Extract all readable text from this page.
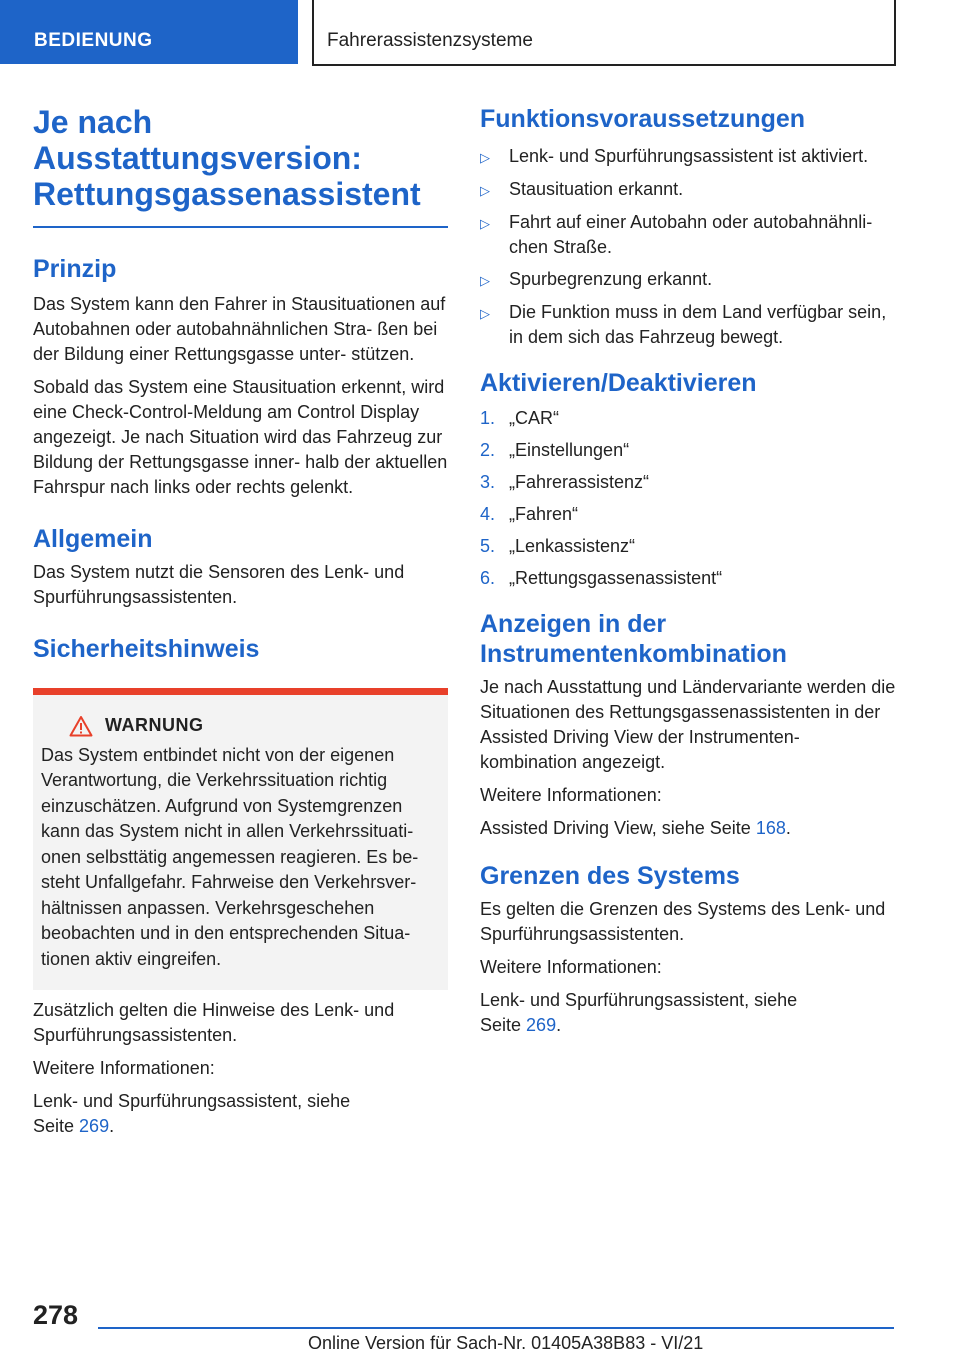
BEDIENUNG	Fahrerassistenzsysteme
Je nach
Ausstattungsversion:
Rettungsgassenassistent
Prinzip

Das System kann den Fahrer in Stausituationen auf Autobahnen oder autobahnähnlichen Stra‐ ßen bei der Bildung einer Rettungsgasse unter‐ stützen.

Sobald das System eine Stausituation erkennt, wird eine Check-Control-Meldung am Control Display angezeigt. Je nach Situation wird das Fahrzeug zur Bildung der Rettungsgasse inner‐ halb der aktuellen Fahrspur nach links oder rechts gelenkt.

Allgemein

Das System nutzt die Sensoren des Lenk- und Spurführungsassistenten.

Sicherheitshinweis
WARNUNG

Das System entbindet nicht von der eigenen Verantwortung, die Verkehrssituation richtig einzuschätzen. Aufgrund von Systemgrenzen kann das System nicht in allen Verkehrssituati‐ onen selbsttätig angemessen reagieren. Es be‐ steht Unfallgefahr. Fahrweise den Verkehrsver‐ hältnissen anpassen. Verkehrsgeschehen beobachten und in den entsprechenden Situa‐ tionen aktiv eingreifen.

Zusätzlich gelten die Hinweise des Lenk- und Spurführungsassistenten.

Weitere Informationen:

Lenk- und Spurführungsassistent, siehe
Seite 269.

Funktionsvoraussetzungen
▷	Lenk- und Spurführungsassistent ist aktiviert.
▷	Stausituation erkannt.
▷	Fahrt auf einer Autobahn oder autobahnähnli‐ chen Straße.
▷	Spurbegrenzung erkannt.
▷	Die Funktion muss in dem Land verfügbar sein, in dem sich das Fahrzeug bewegt.
Aktivieren/Deaktivieren
1. „CAR“
2. „Einstellungen“
3. „Fahrerassistenz“
4. „Fahren“
5. „Lenkassistenz“
6. „Rettungsgassenassistent“
Anzeigen in der
Instrumentenkombination

Je nach Ausstattung und Ländervariante werden die Situationen des Rettungsgassenassistenten in der Assisted Driving View der Instrumenten‐ kombination angezeigt.

Weitere Informationen:

Assisted Driving View, siehe Seite 168.

Grenzen des Systems

Es gelten die Grenzen des Systems des Lenk- und Spurführungsassistenten.

Weitere Informationen:

Lenk- und Spurführungsassistent, siehe
Seite 269.

278
Online Version für Sach-Nr. 01405A38B83 - VI/21
